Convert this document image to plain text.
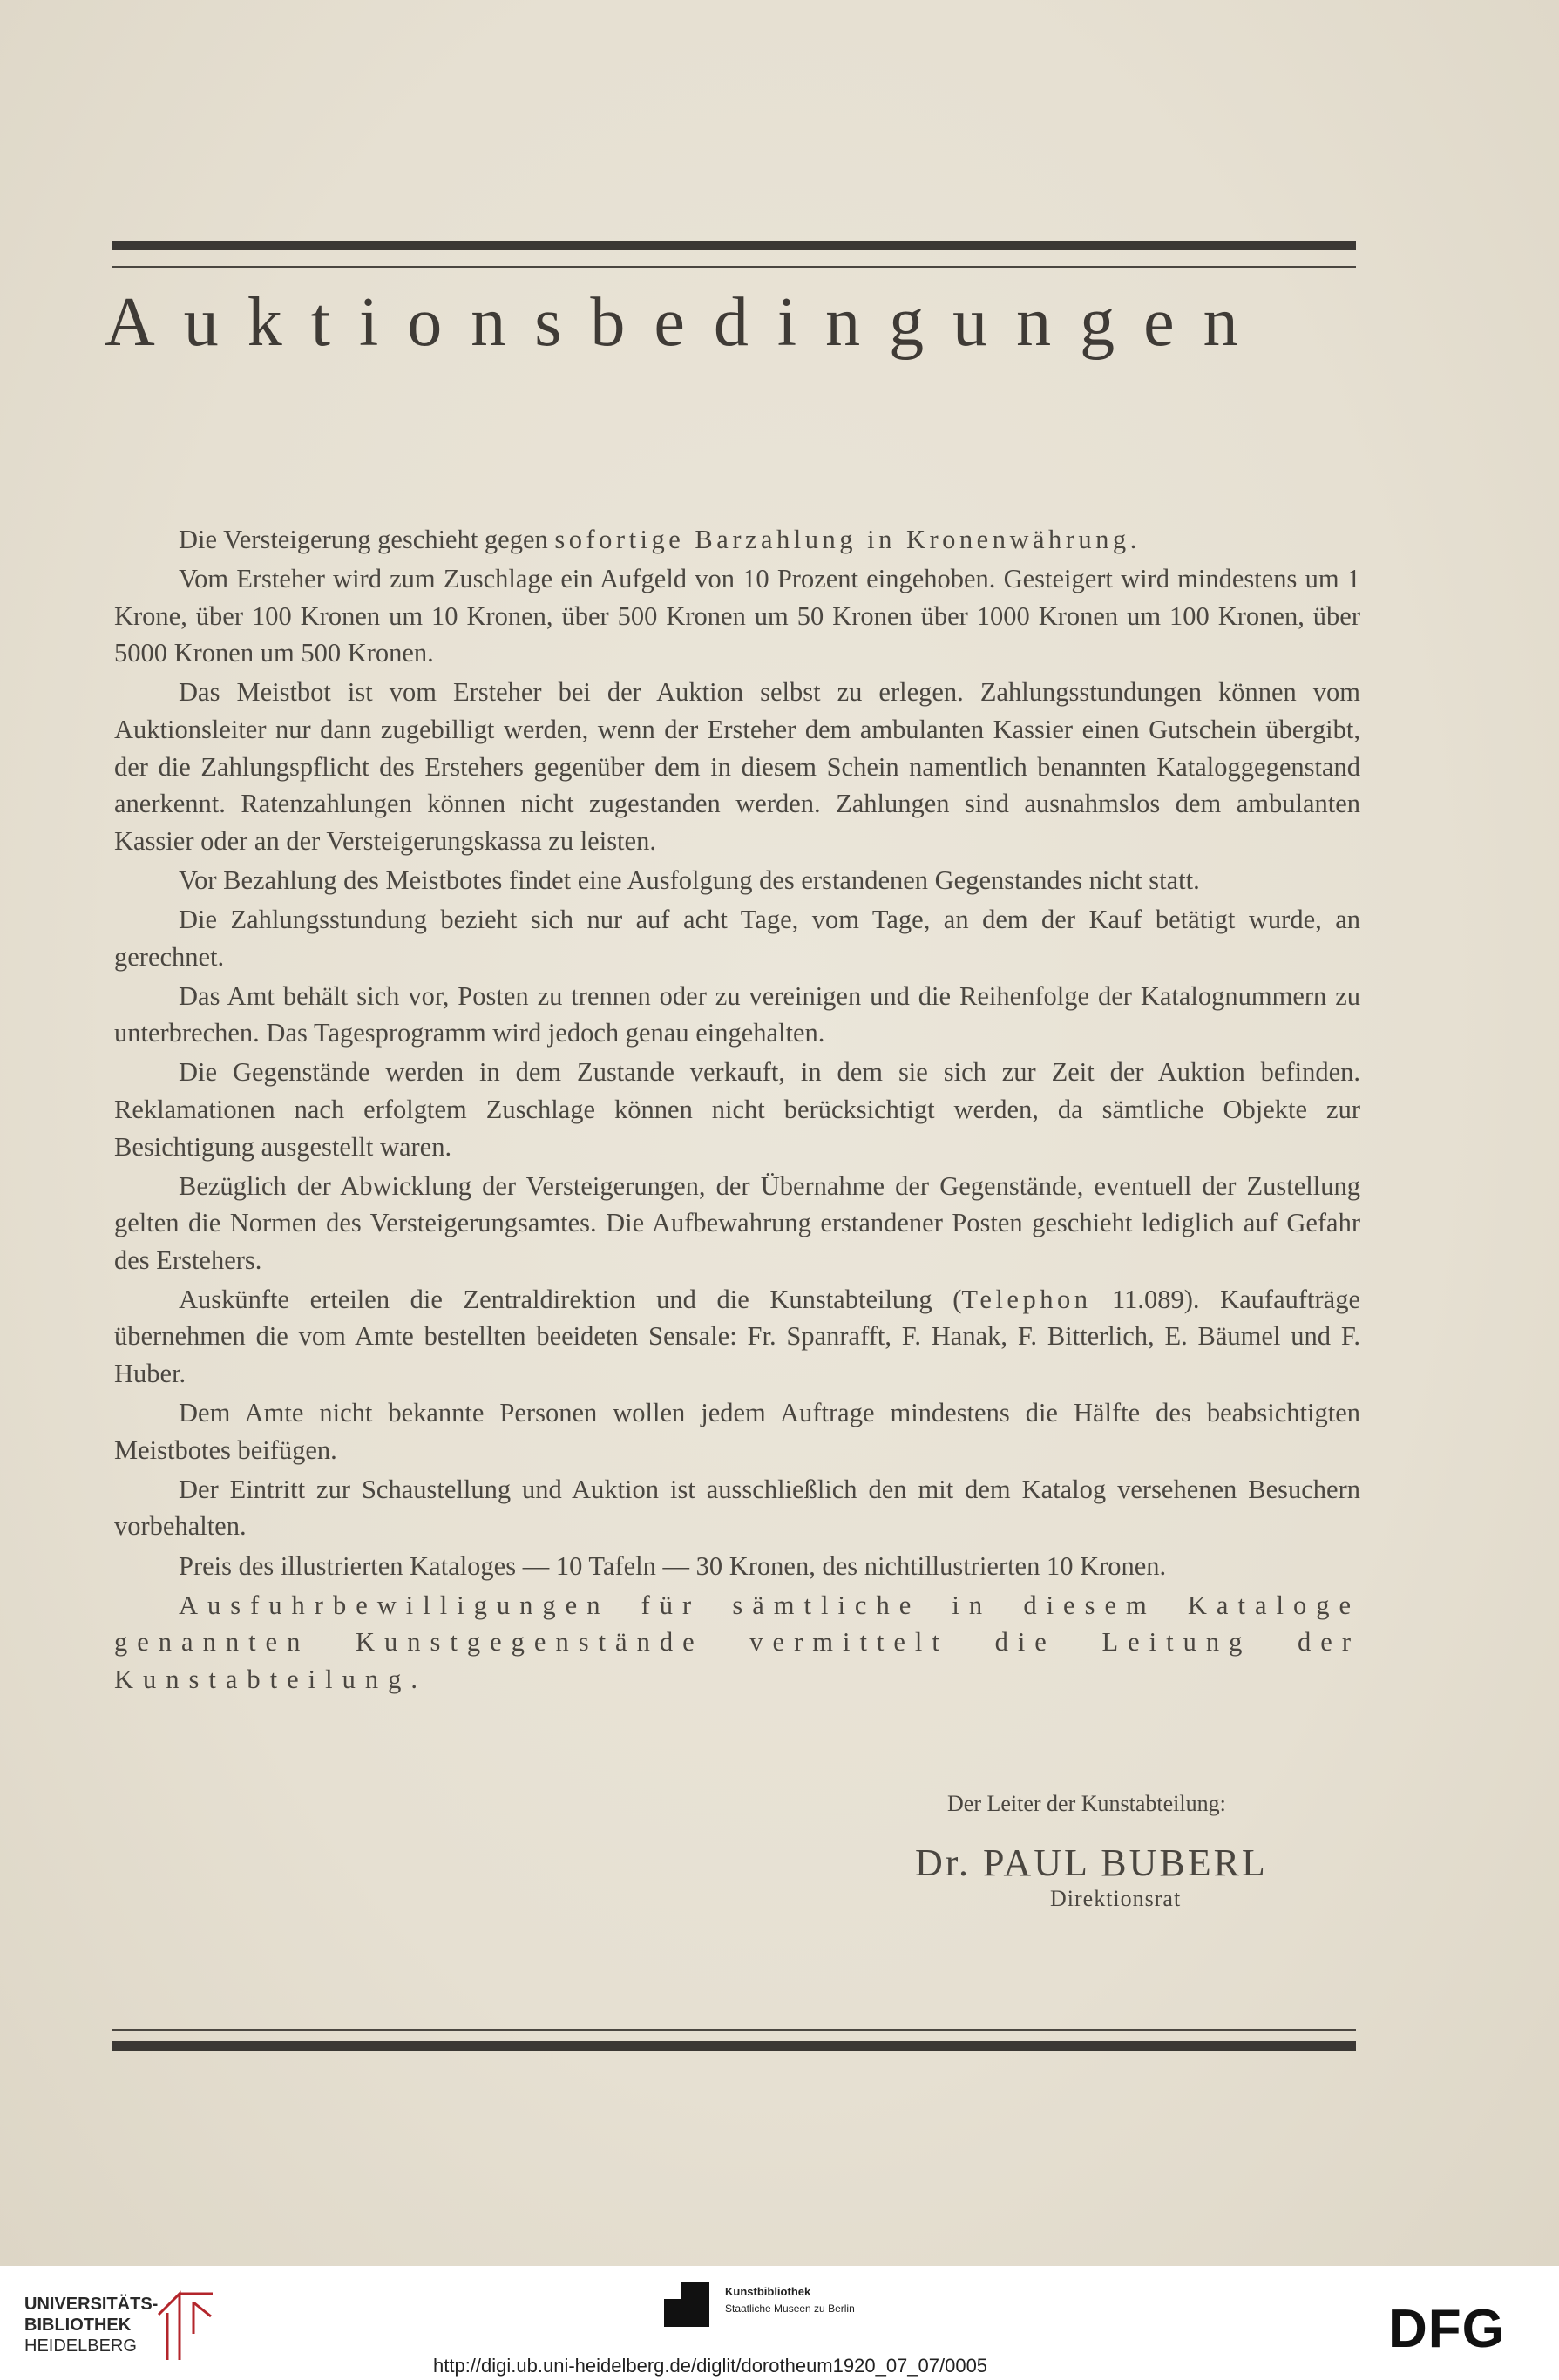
Auktionsbedingungen

Die Versteigerung geschieht gegen sofortige Barzahlung in Kronenwährung.

Vom Ersteher wird zum Zuschlage ein Aufgeld von 10 Prozent eingehoben. Gesteigert wird mindestens um 1 Krone, über 100 Kronen um 10 Kronen, über 500 Kronen um 50 Kronen über 1000 Kronen um 100 Kronen, über 5000 Kronen um 500 Kronen.

Das Meistbot ist vom Ersteher bei der Auktion selbst zu erlegen. Zahlungsstundungen können vom Auktionsleiter nur dann zugebilligt werden, wenn der Ersteher dem ambulanten Kassier einen Gutschein übergibt, der die Zahlungspflicht des Erstehers gegenüber dem in diesem Schein namentlich benannten Kataloggegenstand anerkennt. Ratenzahlungen können nicht zugestanden werden. Zahlungen sind ausnahmslos dem ambulanten Kassier oder an der Versteigerungskassa zu leisten.

Vor Bezahlung des Meistbotes findet eine Ausfolgung des erstandenen Gegenstandes nicht statt.

Die Zahlungsstundung bezieht sich nur auf acht Tage, vom Tage, an dem der Kauf betätigt wurde, an gerechnet.

Das Amt behält sich vor, Posten zu trennen oder zu vereinigen und die Reihenfolge der Katalognummern zu unterbrechen. Das Tagesprogramm wird jedoch genau eingehalten.

Die Gegenstände werden in dem Zustande verkauft, in dem sie sich zur Zeit der Auktion befinden. Reklamationen nach erfolgtem Zuschlage können nicht berücksichtigt werden, da sämtliche Objekte zur Besichtigung ausgestellt waren.

Bezüglich der Abwicklung der Versteigerungen, der Übernahme der Gegenstände, eventuell der Zustellung gelten die Normen des Versteigerungsamtes. Die Aufbewahrung erstandener Posten geschieht lediglich auf Gefahr des Erstehers.

Auskünfte erteilen die Zentraldirektion und die Kunstabteilung (Telephon 11.089). Kaufaufträge übernehmen die vom Amte bestellten beeideten Sensale: Fr. Spanrafft, F. Hanak, F. Bitterlich, E. Bäumel und F. Huber.

Dem Amte nicht bekannte Personen wollen jedem Auftrage mindestens die Hälfte des beabsichtigten Meistbotes beifügen.

Der Eintritt zur Schaustellung und Auktion ist ausschließlich den mit dem Katalog versehenen Besuchern vorbehalten.

Preis des illustrierten Kataloges — 10 Tafeln — 30 Kronen, des nichtillustrierten 10 Kronen.

Ausfuhrbewilligungen für sämtliche in diesem Kataloge genannten Kunstgegenstände vermittelt die Leitung der Kunstabteilung.

Der Leiter der Kunstabteilung:
Dr. PAUL BUBERL
Direktionsrat
UNIVERSITÄTS-
BIBLIOTHEK
HEIDELBERG
Kunstbibliothek
Staatliche Museen zu Berlin	DFG
http://digi.ub.uni-heidelberg.de/diglit/dorotheum1920_07_07/0005
